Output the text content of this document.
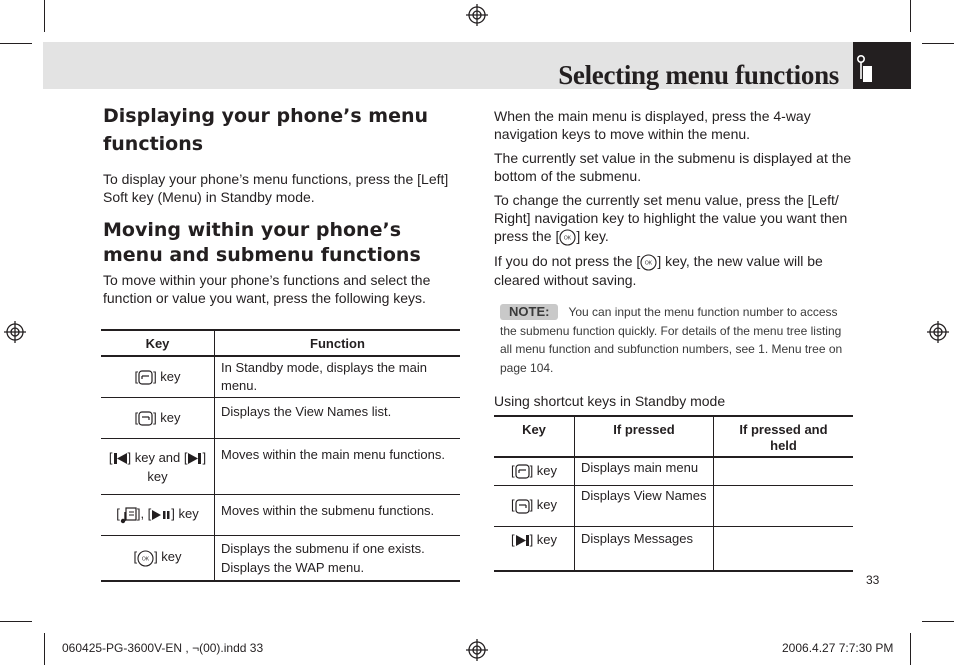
Selecting menu functions
Displaying your phone’s menu functions

To display your phone’s menu functions, press the [Left] Soft key (Menu) in Standby mode.

Moving within your phone’s menu and submenu functions

To move within your phone’s functions and select the function or value you want, press the following keys.

Key	Function
[ ] key	In Standby mode, displays the main menu.
[ ] key	Displays the View Names list.
[ ] key and [ ] key	Moves within the main menu functions.
[ ], [ ] key	Moves within the submenu functions.
[ OK ] key	Displays the submenu if one exists. Displays the WAP menu.

When the main menu is displayed, press the 4-way navigation keys to move within the menu.

The currently set value in the submenu is displayed at the bottom of the submenu.

To change the currently set menu value, press the [Left/ Right] navigation key to highlight the value you want then press the [ OK ] key.

If you do not press the [ OK ] key, the new value will be cleared without saving.

NOTE: You can input the menu function number to access the submenu function quickly. For details of the menu tree listing all menu function and subfunction numbers, see 1. Menu tree on page 104.
Using shortcut keys in Standby mode
Key	If pressed	If pressed and held
[ ] key	Displays main menu	
[ ] key	Displays View Names	
[ ] key	Displays Messages	
33
060425-PG-3600V-EN , ¬(00).indd 33	2006.4.27 7:7:30 PM
